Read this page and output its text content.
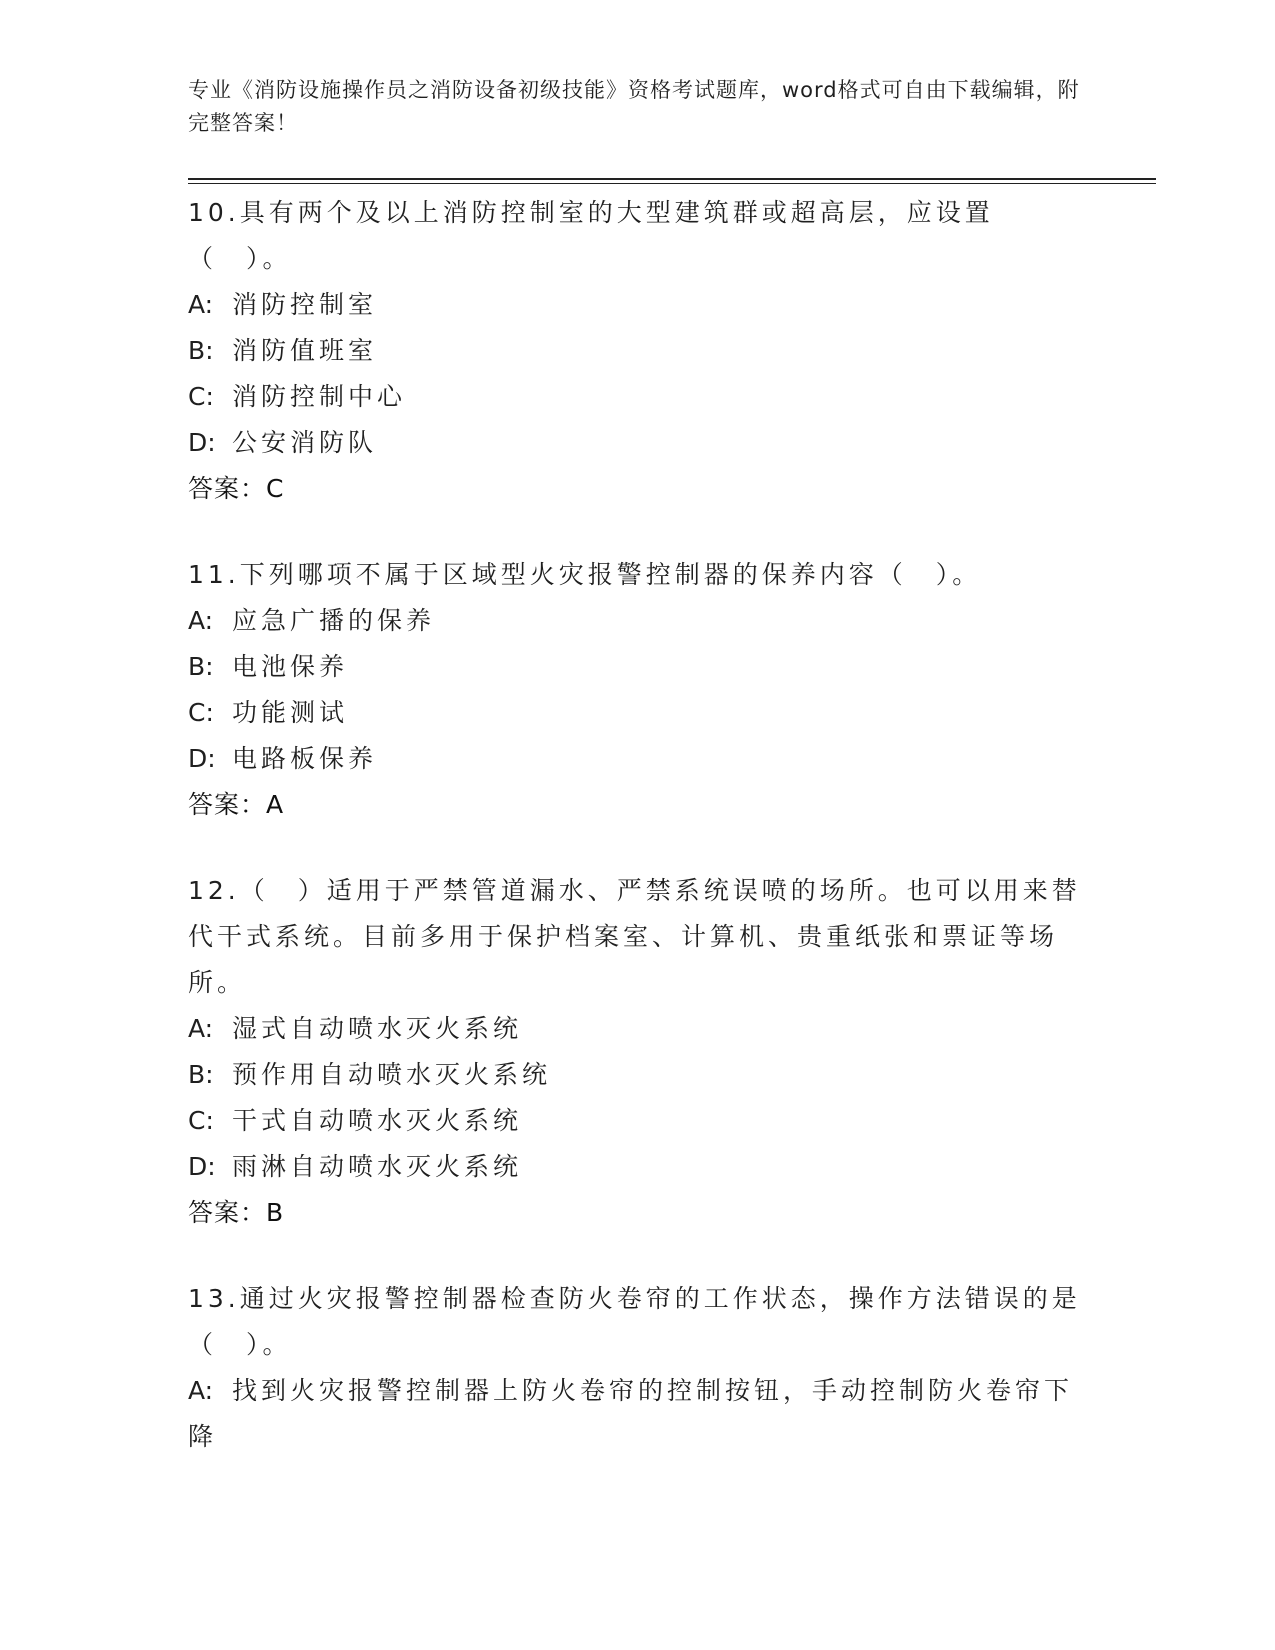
专业《消防设施操作员之消防设备初级技能》资格考试题库，word格式可自由下载编辑，附完整答案！

10.具有两个及以上消防控制室的大型建筑群或超高层，应设置（　）。

A: 消防控制室

B: 消防值班室

C: 消防控制中心

D: 公安消防队

答案：C

11.下列哪项不属于区域型火灾报警控制器的保养内容（　）。

A: 应急广播的保养

B: 电池保养

C: 功能测试

D: 电路板保养

答案：A

12.（　）适用于严禁管道漏水、严禁系统误喷的场所。也可以用来替代干式系统。目前多用于保护档案室、计算机、贵重纸张和票证等场所。

A: 湿式自动喷水灭火系统

B: 预作用自动喷水灭火系统

C: 干式自动喷水灭火系统

D: 雨淋自动喷水灭火系统

答案：B

13.通过火灾报警控制器检查防火卷帘的工作状态，操作方法错误的是（　）。

A: 找到火灾报警控制器上防火卷帘的控制按钮，手动控制防火卷帘下降
